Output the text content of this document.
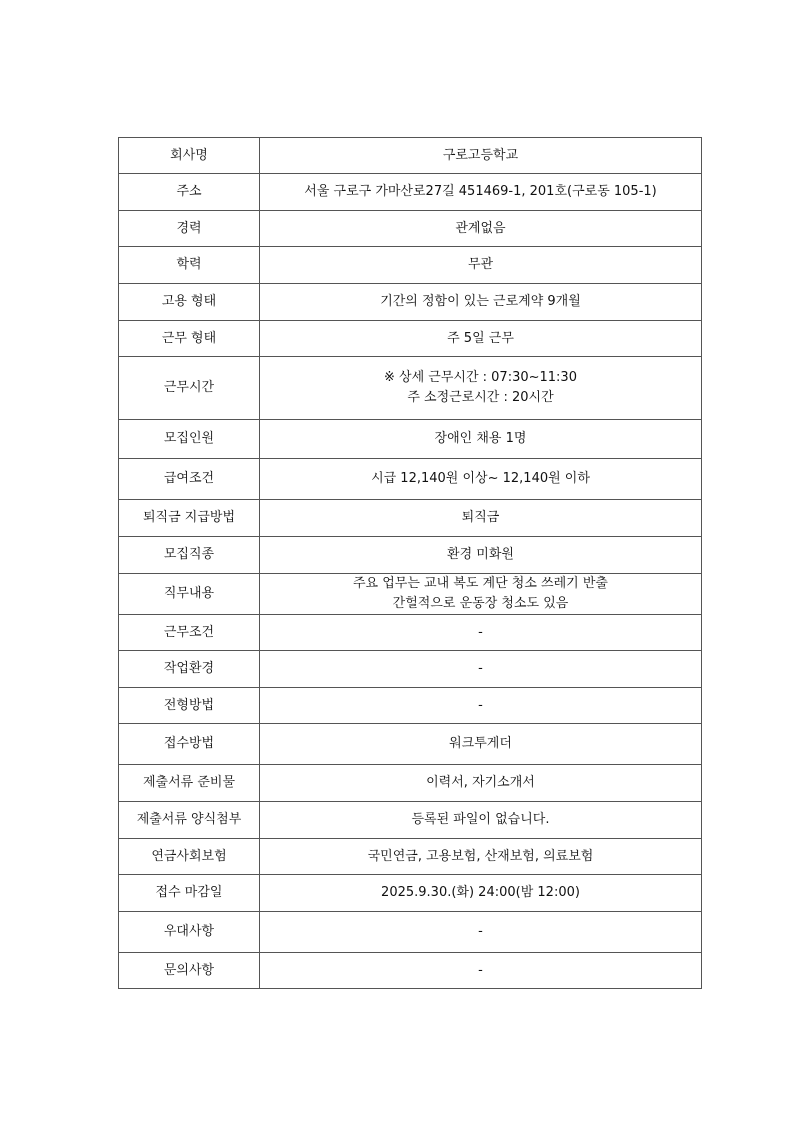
회사명	구로고등학교
주소	서울 구로구 가마산로27길 451469-1, 201호(구로동 105-1)
경력	관계없음
학력	무관
고용 형태	기간의 정함이 있는 근로계약 9개월
근무 형태	주 5일 근무
근무시간	※ 상세 근무시간 : 07:30~11:30
주 소정근로시간 : 20시간

모집인원	장애인 채용 1명
급여조건	시급 12,140원 이상~ 12,140원 이하
퇴직금 지급방법	퇴직금
모집직종	환경 미화원
직무내용	주요 업무는 교내 복도 계단 청소 쓰레기 반출
간헐적으로 운동장 청소도 있음

근무조건	-
작업환경	-
전형방법	-
접수방법	워크투게더
제출서류 준비물	이력서, 자기소개서
제출서류 양식첨부	등록된 파일이 없습니다.
연금사회보험	국민연금, 고용보험, 산재보험, 의료보험
접수 마감일	2025.9.30.(화) 24:00(밤 12:00)
우대사항	-
문의사항	-
